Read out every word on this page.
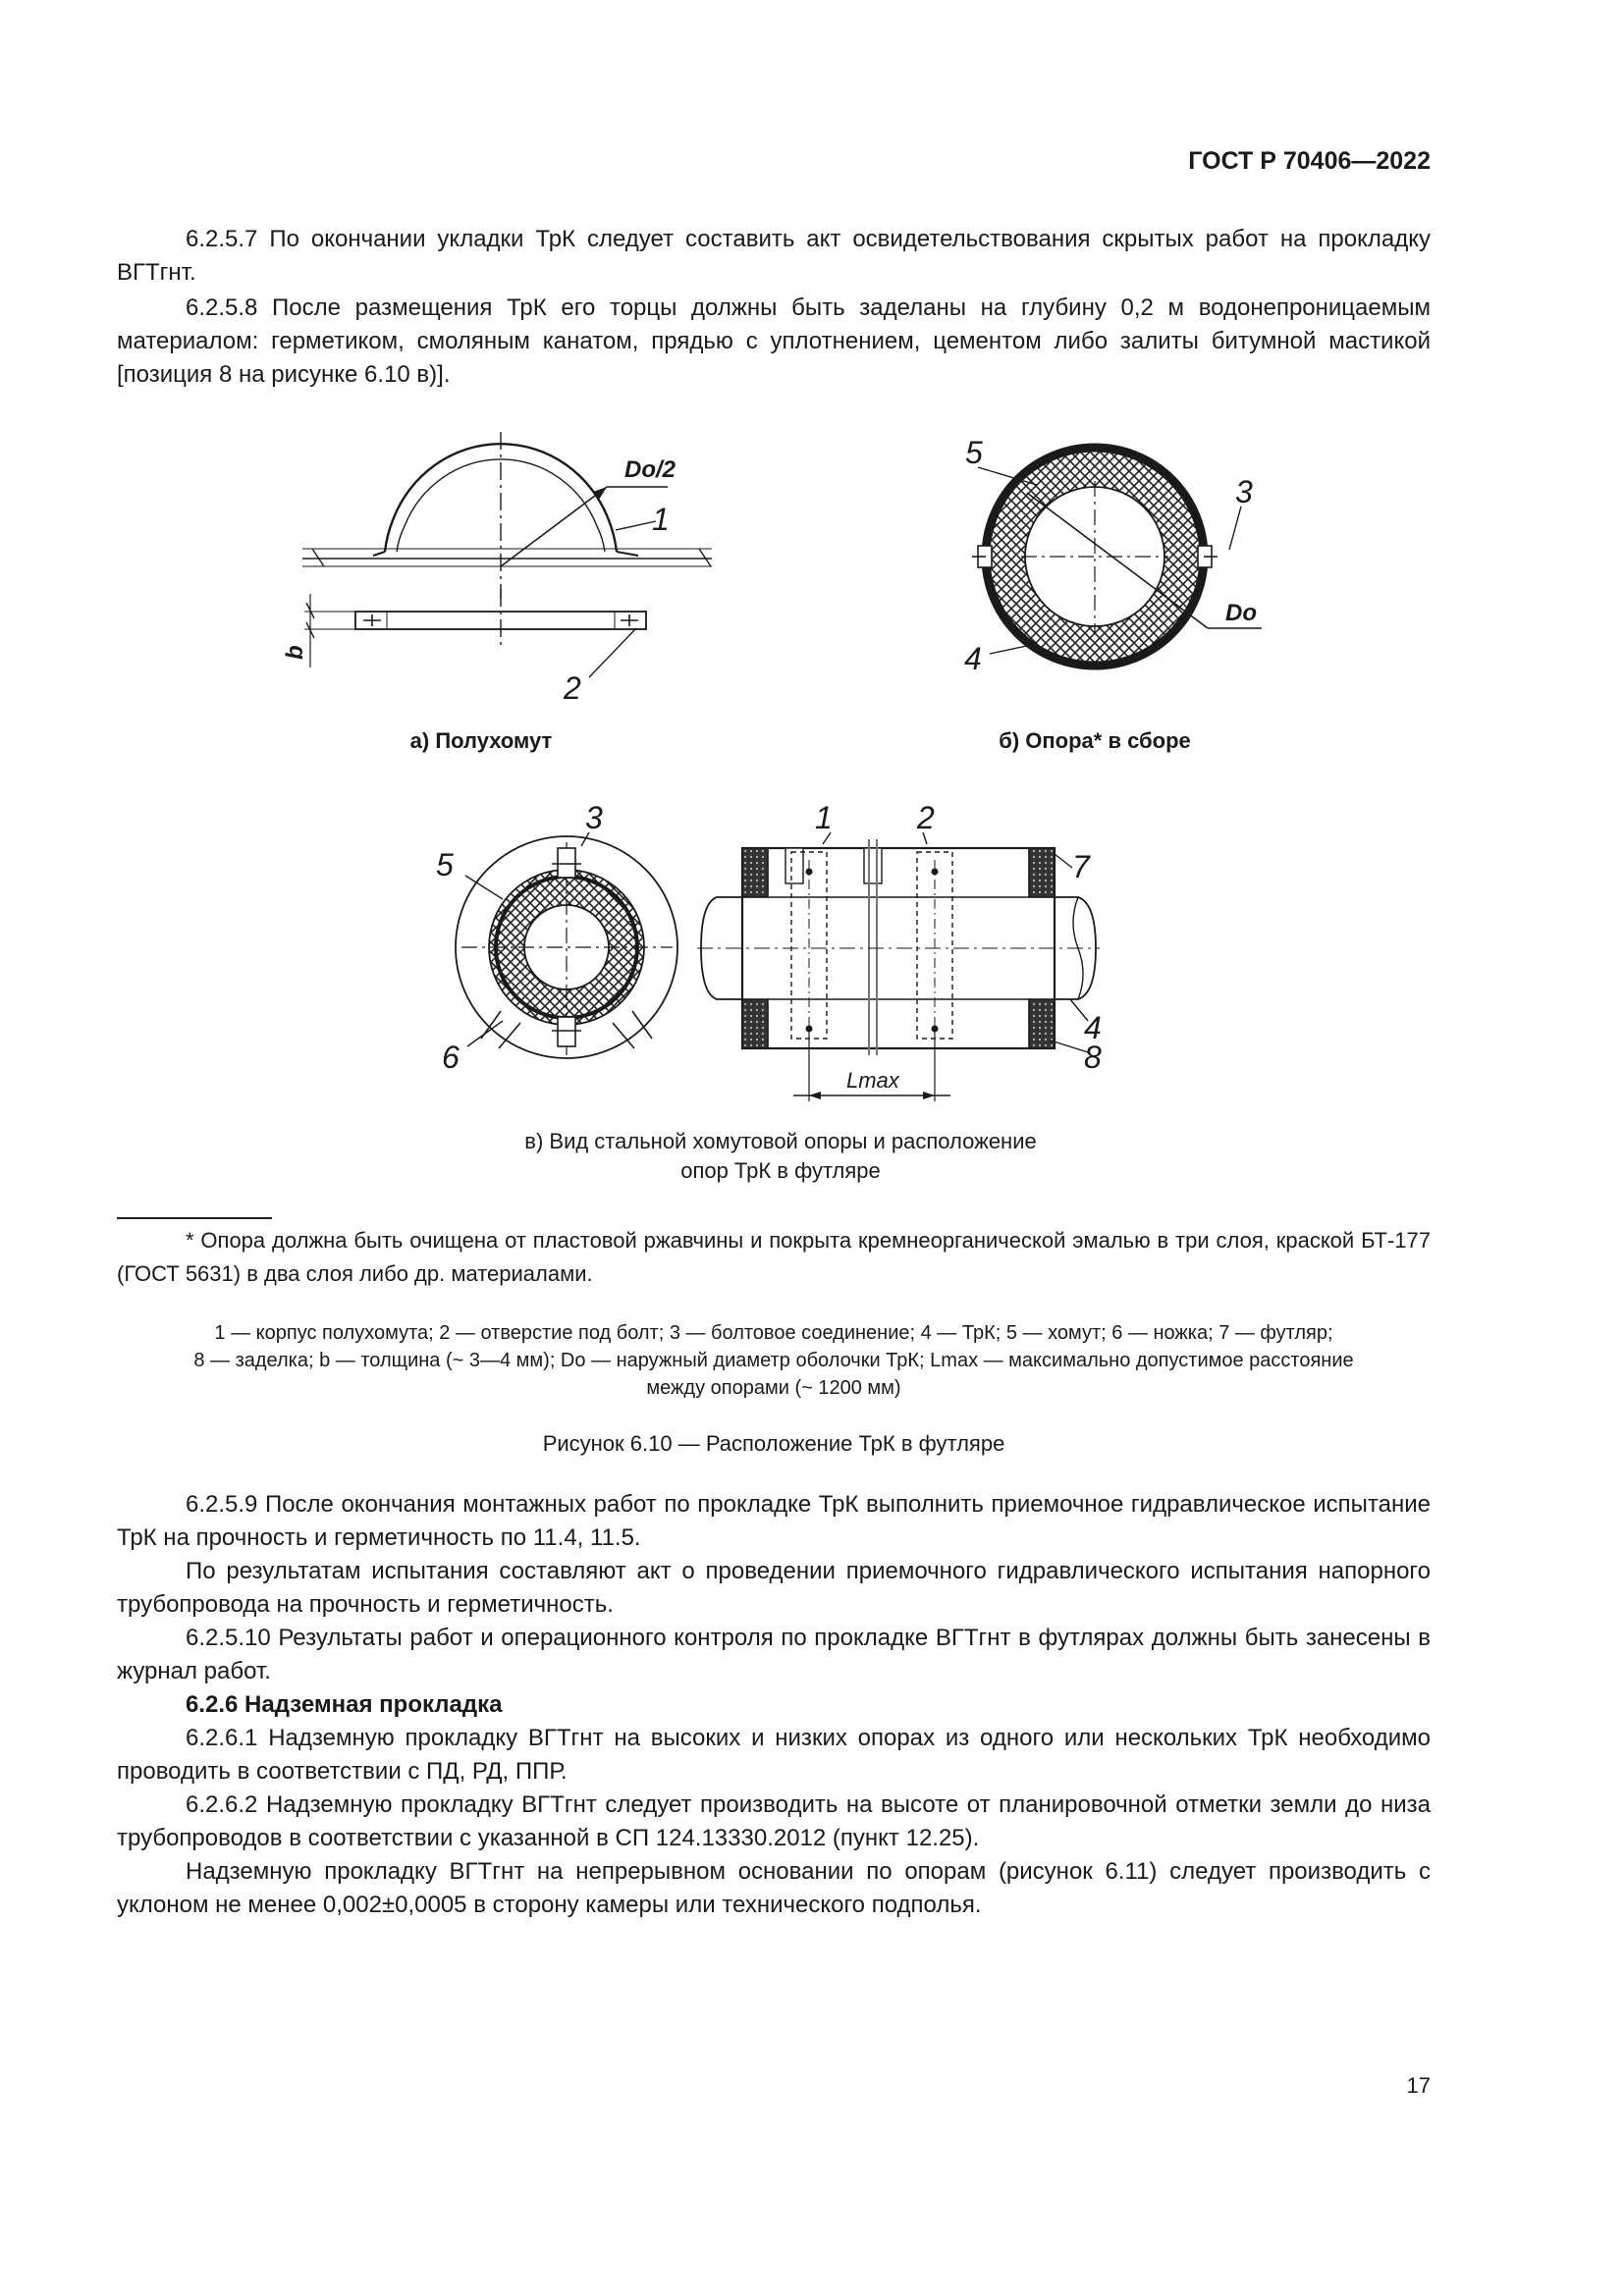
ГОСТ Р 70406—2022

6.2.5.7 По окончании укладки ТрК следует составить акт освидетельствования скрытых работ на прокладку ВГТгнт.

6.2.5.8 После размещения ТрК его торцы должны быть заделаны на глубину 0,2 м водонепроницаемым материалом: герметиком, смоляным канатом, прядью с уплотнением, цементом либо залиты битумной мастикой [позиция 8 на рисунке 6.10 в)].

Dо/2
1
2
b
5
3
Dо
4
3
5
6
1	2
7
4
8
Lmax
а) Полухомут	б) Опора* в сборе
в) Вид стальной хомутовой опоры и расположение
опор ТрК в футляре
* Опора должна быть очищена от пластовой ржавчины и покрыта кремнеорганической эмалью в три слоя, краской БТ-177 (ГОСТ 5631) в два слоя либо др. материалами.
1 — корпус полухомута; 2 — отверстие под болт; 3 — болтовое соединение; 4 — ТрК; 5 — хомут; 6 — ножка; 7 — футляр;
8 — заделка; b — толщина (~ 3—4 мм); Dо — наружный диаметр оболочки ТрК; Lmax — максимально допустимое расстояние
между опорами (~ 1200 мм)
Рисунок 6.10 — Расположение ТрК в футляре

6.2.5.9 После окончания монтажных работ по прокладке ТрК выполнить приемочное гидравлическое испытание ТрК на прочность и герметичность по 11.4, 11.5.

По результатам испытания составляют акт о проведении приемочного гидравлического испытания напорного трубопровода на прочность и герметичность.

6.2.5.10 Результаты работ и операционного контроля по прокладке ВГТгнт в футлярах должны быть занесены в журнал работ.

6.2.6 Надземная прокладка

6.2.6.1 Надземную прокладку ВГТгнт на высоких и низких опорах из одного или нескольких ТрК необходимо проводить в соответствии с ПД, РД, ППР.

6.2.6.2 Надземную прокладку ВГТгнт следует производить на высоте от планировочной отметки земли до низа трубопроводов в соответствии с указанной в СП 124.13330.2012 (пункт 12.25).

Надземную прокладку ВГТгнт на непрерывном основании по опорам (рисунок 6.11) следует производить с уклоном не менее 0,002±0,0005 в сторону камеры или технического подполья.

17
